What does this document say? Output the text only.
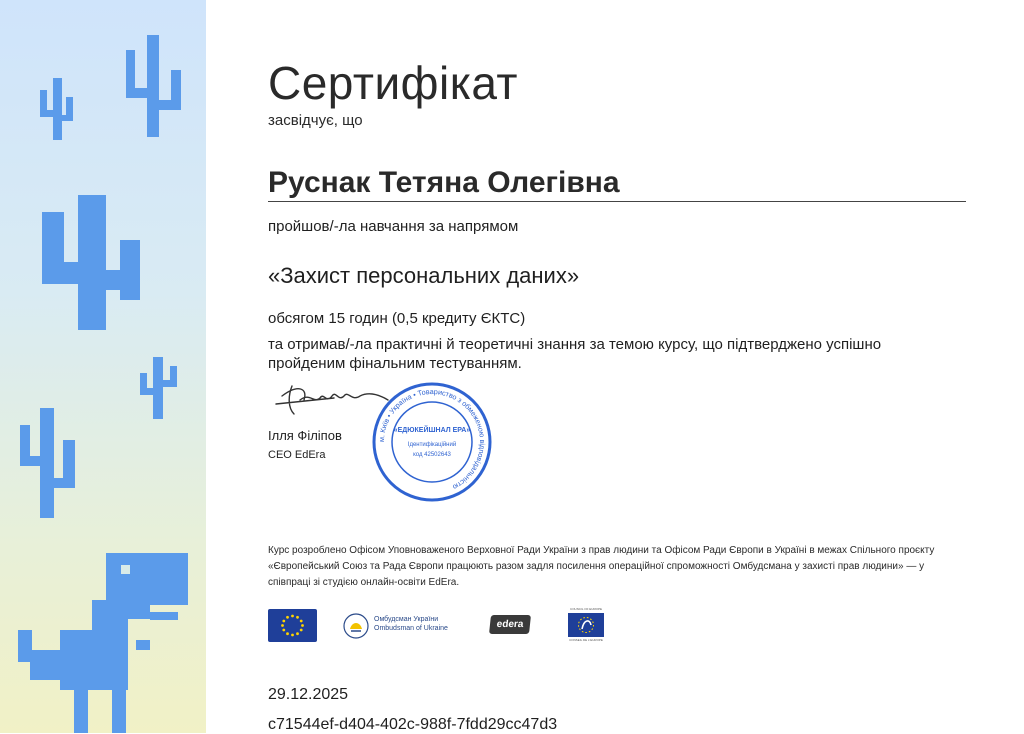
Сертифікат
засвідчує, що
Руснак Тетяна Олегівна
пройшов/-ла навчання за напрямом
«Захист персональних даних»
обсягом 15 годин (0,5 кредиту ЄКТС)
та отримав/-ла практичні й теоретичні знання за темою курсу, що підтверджено успішно пройденим фінальним тестуванням.
Ілля Філіпов
CEO EdEra
м. Київ • Україна • Товариство з обмеженою відповідальністю
«ЕДЮКЕЙШНАЛ ЕРА»
Ідентифікаційний
код 42502643
Курс розроблено Офісом Уповноваженого Верховної Ради України з прав людини та Офісом Ради Європи в Україні в межах Спільного проєкту «Європейський Союз та Рада Європи працюють разом задля посилення операційної спроможності Омбудсмана у захисті прав людини» — у співпраці зі студією онлайн-освіти EdEra.
Омбудсман України
Ombudsman of Ukraine	edera
COUNCIL OF EUROPE
CONSEIL DE L'EUROPE
29.12.2025
c71544ef-d404-402c-988f-7fdd29cc47d3
